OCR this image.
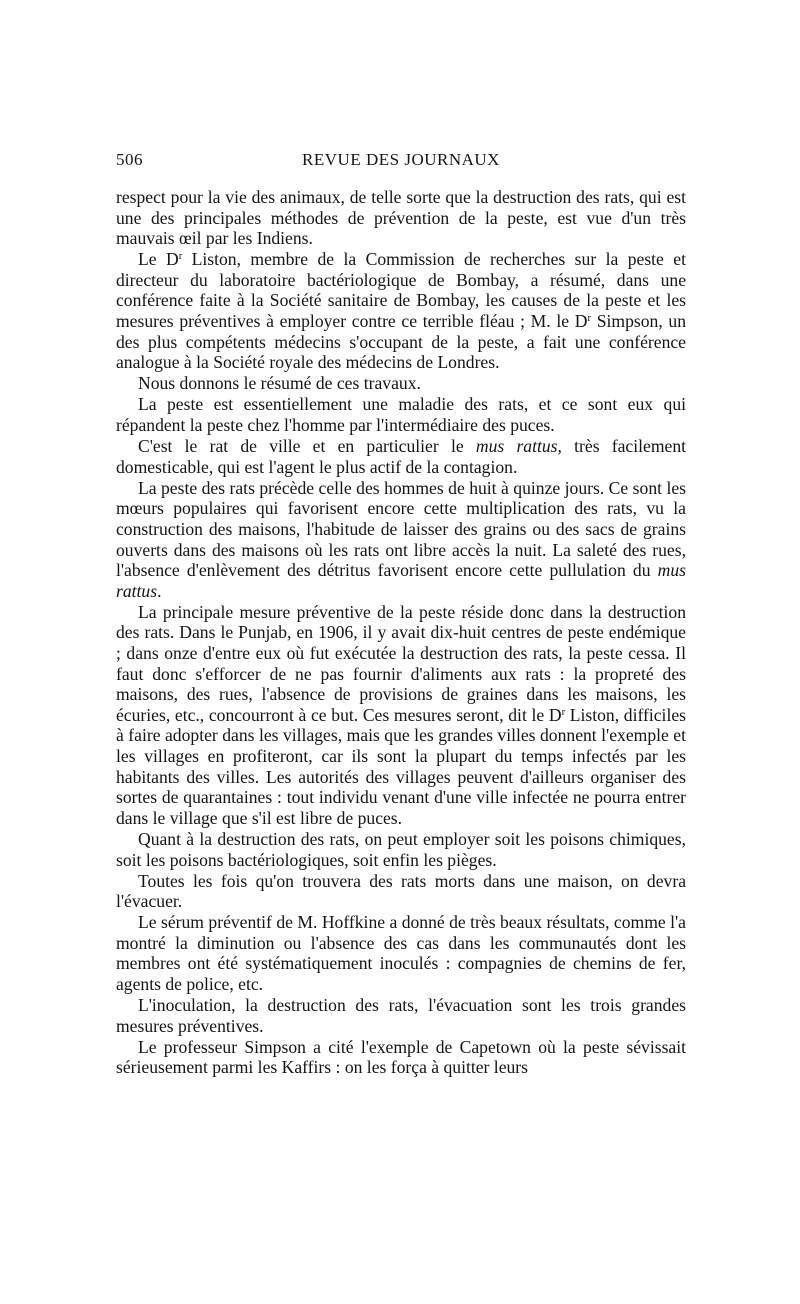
506	REVUE DES JOURNAUX

respect pour la vie des animaux, de telle sorte que la destruction des rats, qui est une des principales méthodes de prévention de la peste, est vue d'un très mauvais œil par les Indiens.

Le $D^r$ Liston, membre de la Commission de recherches sur la peste et directeur du laboratoire bactériologique de Bombay, a résumé, dans une conférence faite à la Société sanitaire de Bombay, les causes de la peste et les mesures préventives à employer contre ce terrible fléau ; M. le $D^r$ Simpson, un des plus compétents médecins s'occupant de la peste, a fait une conférence analogue à la Société royale des médecins de Londres.

Nous donnons le résumé de ces travaux.

La peste est essentiellement une maladie des rats, et ce sont eux qui répandent la peste chez l'homme par l'intermédiaire des puces.

C'est le rat de ville et en particulier le mus rattus, très facilement domesticable, qui est l'agent le plus actif de la contagion.

La peste des rats précède celle des hommes de huit à quinze jours. Ce sont les mœurs populaires qui favorisent encore cette multiplication des rats, vu la construction des maisons, l'habitude de laisser des grains ou des sacs de grains ouverts dans des maisons où les rats ont libre accès la nuit. La saleté des rues, l'absence d'enlèvement des détritus favorisent encore cette pullulation du mus rattus.

La principale mesure préventive de la peste réside donc dans la destruction des rats. Dans le Punjab, en 1906, il y avait dix-huit centres de peste endémique ; dans onze d'entre eux où fut exécutée la destruction des rats, la peste cessa. Il faut donc s'efforcer de ne pas fournir d'aliments aux rats : la propreté des maisons, des rues, l'absence de provisions de graines dans les maisons, les écuries, etc., concourront à ce but. Ces mesures seront, dit le $D^r$ Liston, difficiles à faire adopter dans les villages, mais que les grandes villes donnent l'exemple et les villages en profiteront, car ils sont la plupart du temps infectés par les habitants des villes. Les autorités des villages peuvent d'ailleurs organiser des sortes de quarantaines : tout individu venant d'une ville infectée ne pourra entrer dans le village que s'il est libre de puces.

Quant à la destruction des rats, on peut employer soit les poisons chimiques, soit les poisons bactériologiques, soit enfin les pièges.

Toutes les fois qu'on trouvera des rats morts dans une maison, on devra l'évacuer.

Le sérum préventif de M. Hoffkine a donné de très beaux résultats, comme l'a montré la diminution ou l'absence des cas dans les communautés dont les membres ont été systématiquement inoculés : compagnies de chemins de fer, agents de police, etc.

L'inoculation, la destruction des rats, l'évacuation sont les trois grandes mesures préventives.

Le professeur Simpson a cité l'exemple de Capetown où la peste sévissait sérieusement parmi les Kaffirs : on les força à quitter leurs
